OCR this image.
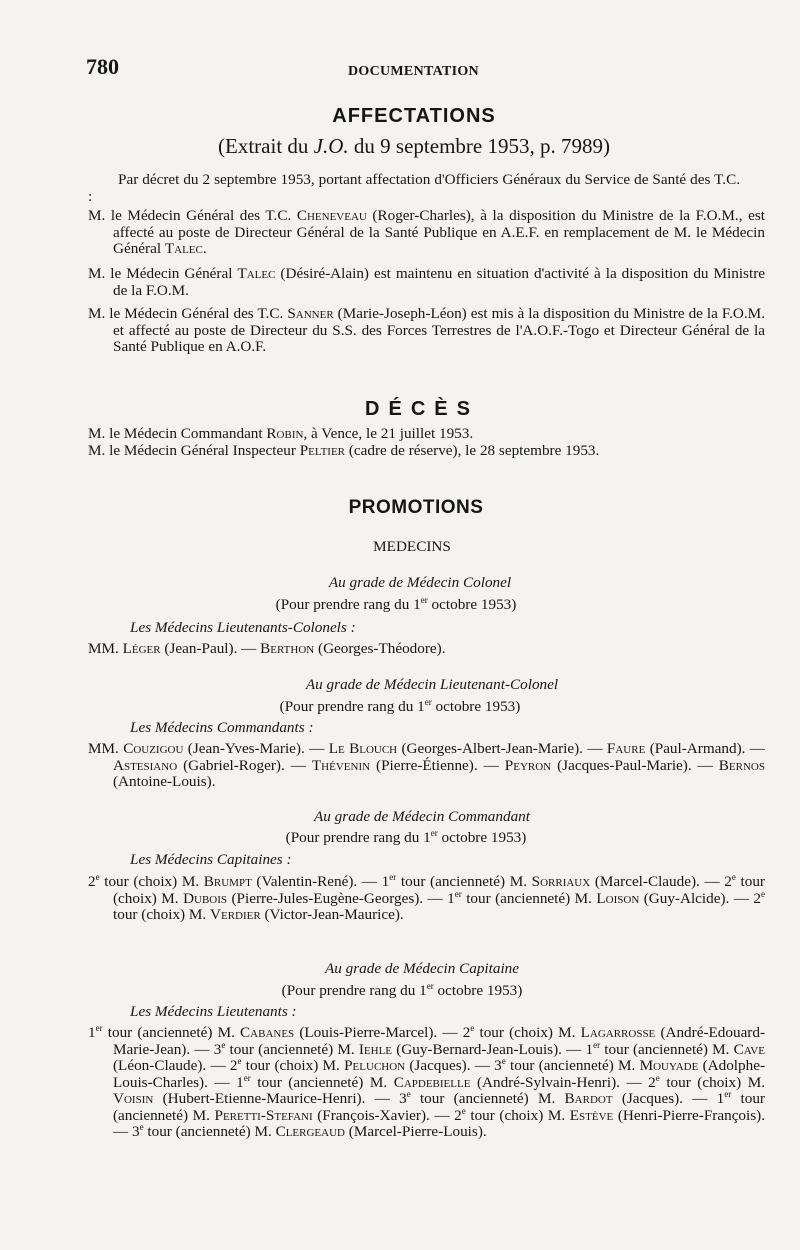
780	DOCUMENTATION
AFFECTATIONS
(Extrait du J.O. du 9 septembre 1953, p. 7989)
Par décret du 2 septembre 1953, portant affectation d'Officiers Généraux du Service de Santé des T.C. :
M. le Médecin Général des T.C. Cheneveau (Roger-Charles), à la disposition du Ministre de la F.O.M., est affecté au poste de Directeur Général de la Santé Publique en A.E.F. en remplacement de M. le Médecin Général Talec.
M. le Médecin Général Talec (Désiré-Alain) est maintenu en situation d'activité à la disposition du Ministre de la F.O.M.
M. le Médecin Général des T.C. Sanner (Marie-Joseph-Léon) est mis à la disposition du Ministre de la F.O.M. et affecté au poste de Directeur du S.S. des Forces Terrestres de l'A.O.F.-Togo et Directeur Général de la Santé Publique en A.O.F.
DÉCÈS
M. le Médecin Commandant Robin, à Vence, le 21 juillet 1953.
M. le Médecin Général Inspecteur Peltier (cadre de réserve), le 28 septembre 1953.
PROMOTIONS
MEDECINS
Au grade de Médecin Colonel
(Pour prendre rang du 1er octobre 1953)
Les Médecins Lieutenants-Colonels :
MM. Léger (Jean-Paul). — Berthon (Georges-Théodore).
Au grade de Médecin Lieutenant-Colonel
(Pour prendre rang du 1er octobre 1953)
Les Médecins Commandants :
MM. Couzigou (Jean-Yves-Marie). — Le Blouch (Georges-Albert-Jean-Marie). — Faure (Paul-Armand). — Astesiano (Gabriel-Roger). — Thévenin (Pierre-Étienne). — Peyron (Jacques-Paul-Marie). — Bernos (Antoine-Louis).
Au grade de Médecin Commandant
(Pour prendre rang du 1er octobre 1953)
Les Médecins Capitaines :
2e tour (choix) M. Brumpt (Valentin-René). — 1er tour (ancienneté) M. Sorriaux (Marcel-Claude). — 2e tour (choix) M. Dubois (Pierre-Jules-Eugène-Georges). — 1er tour (ancienneté) M. Loison (Guy-Alcide). — 2e tour (choix) M. Verdier (Victor-Jean-Maurice).
Au grade de Médecin Capitaine
(Pour prendre rang du 1er octobre 1953)
Les Médecins Lieutenants :
1er tour (ancienneté) M. Cabanes (Louis-Pierre-Marcel). — 2e tour (choix) M. Lagarrosse (André-Edouard-Marie-Jean). — 3e tour (ancienneté) M. Iehle (Guy-Bernard-Jean-Louis). — 1er tour (ancienneté) M. Cave (Léon-Claude). — 2e tour (choix) M. Peluchon (Jacques). — 3e tour (ancienneté) M. Mouyade (Adolphe-Louis-Charles). — 1er tour (ancienneté) M. Capdebielle (André-Sylvain-Henri). — 2e tour (choix) M. Voisin (Hubert-Etienne-Maurice-Henri). — 3e tour (ancienneté) M. Bardot (Jacques). — 1er tour (ancienneté) M. Peretti-Stefani (François-Xavier). — 2e tour (choix) M. Estève (Henri-Pierre-François). — 3e tour (ancienneté) M. Clergeaud (Marcel-Pierre-Louis).
